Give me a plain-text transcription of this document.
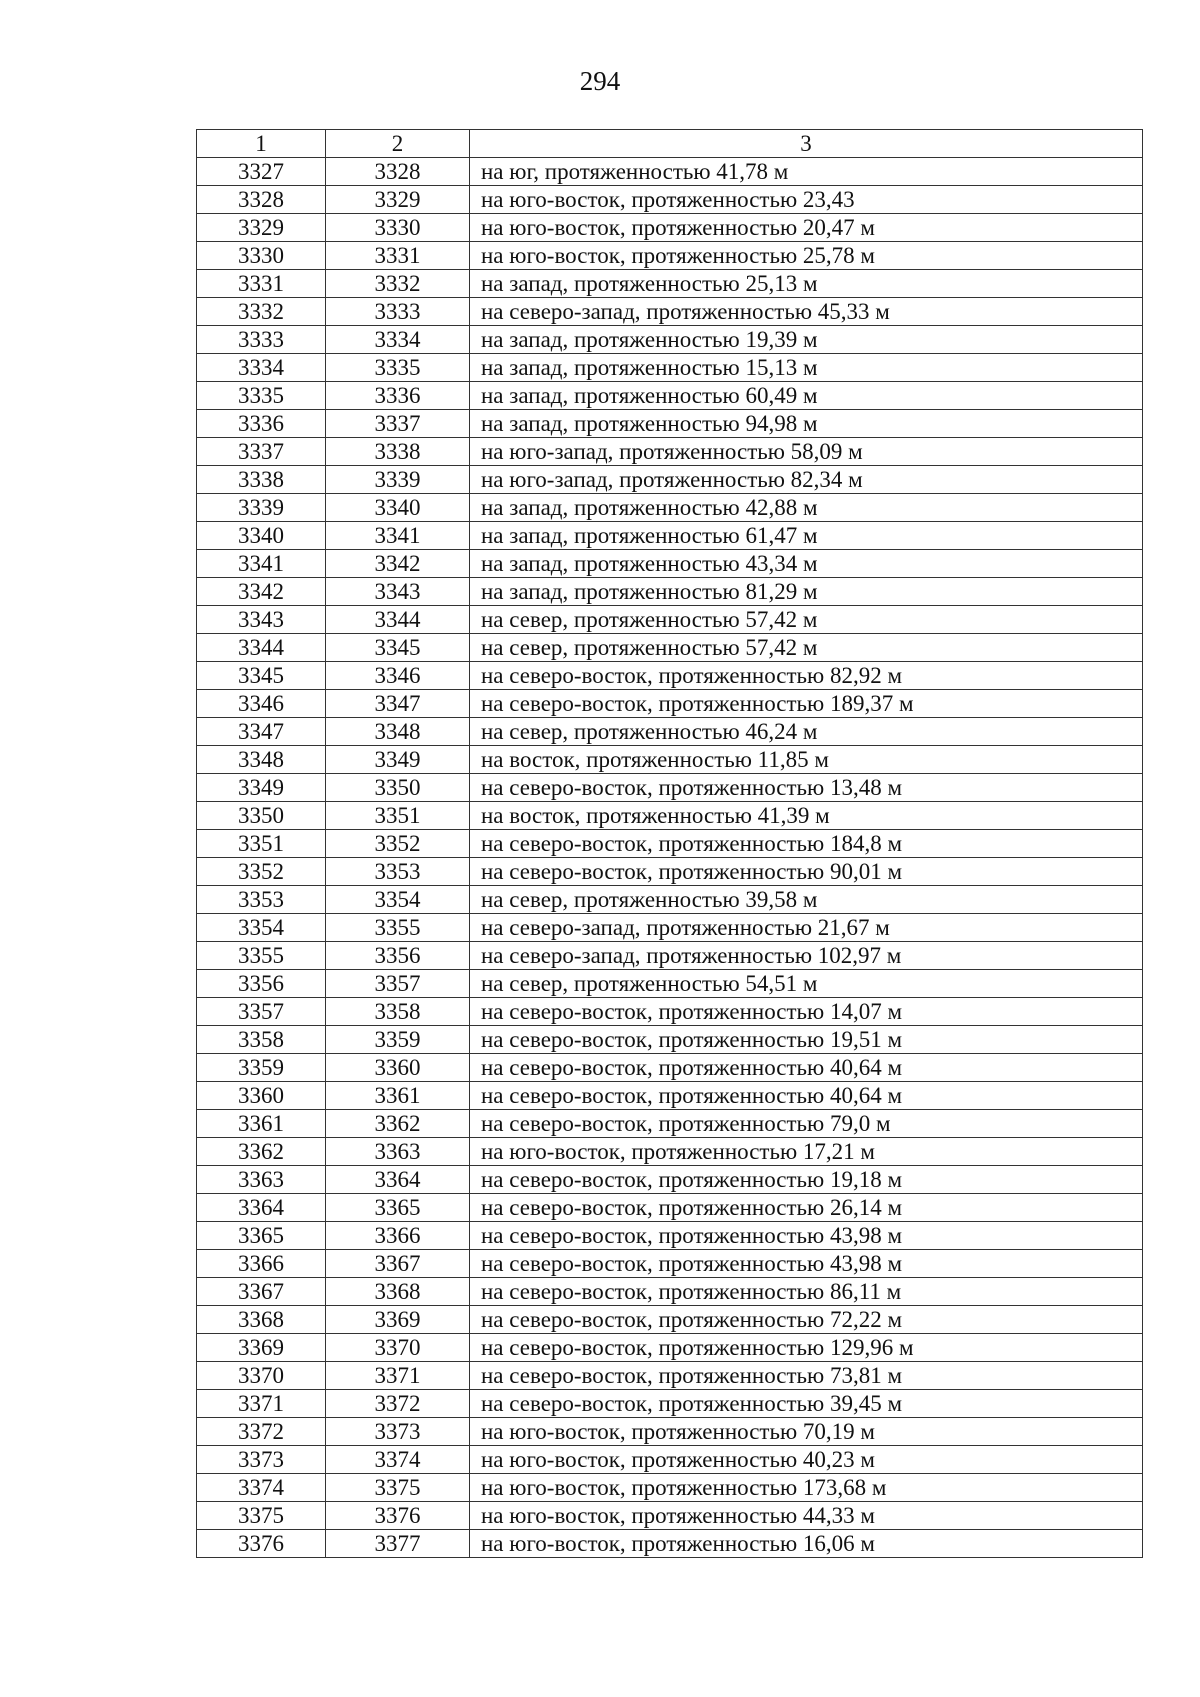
294
1	2	3
3327	3328	на юг, протяженностью 41,78 м
3328	3329	на юго-восток, протяженностью 23,43
3329	3330	на юго-восток, протяженностью 20,47 м
3330	3331	на юго-восток, протяженностью 25,78 м
3331	3332	на запад, протяженностью 25,13 м
3332	3333	на северо-запад, протяженностью 45,33 м
3333	3334	на запад, протяженностью 19,39 м
3334	3335	на запад, протяженностью 15,13 м
3335	3336	на запад, протяженностью 60,49 м
3336	3337	на запад, протяженностью 94,98 м
3337	3338	на юго-запад, протяженностью 58,09 м
3338	3339	на юго-запад, протяженностью 82,34 м
3339	3340	на запад, протяженностью 42,88 м
3340	3341	на запад, протяженностью 61,47 м
3341	3342	на запад, протяженностью 43,34 м
3342	3343	на запад, протяженностью 81,29 м
3343	3344	на север, протяженностью 57,42 м
3344	3345	на север, протяженностью 57,42 м
3345	3346	на северо-восток, протяженностью 82,92 м
3346	3347	на северо-восток, протяженностью 189,37 м
3347	3348	на север, протяженностью 46,24 м
3348	3349	на восток, протяженностью 11,85 м
3349	3350	на северо-восток, протяженностью 13,48 м
3350	3351	на восток, протяженностью 41,39 м
3351	3352	на северо-восток, протяженностью 184,8 м
3352	3353	на северо-восток, протяженностью 90,01 м
3353	3354	на север, протяженностью 39,58 м
3354	3355	на северо-запад, протяженностью 21,67 м
3355	3356	на северо-запад, протяженностью 102,97 м
3356	3357	на север, протяженностью 54,51 м
3357	3358	на северо-восток, протяженностью 14,07 м
3358	3359	на северо-восток, протяженностью 19,51 м
3359	3360	на северо-восток, протяженностью 40,64 м
3360	3361	на северо-восток, протяженностью 40,64 м
3361	3362	на северо-восток, протяженностью 79,0 м
3362	3363	на юго-восток, протяженностью 17,21 м
3363	3364	на северо-восток, протяженностью 19,18 м
3364	3365	на северо-восток, протяженностью 26,14 м
3365	3366	на северо-восток, протяженностью 43,98 м
3366	3367	на северо-восток, протяженностью 43,98 м
3367	3368	на северо-восток, протяженностью 86,11 м
3368	3369	на северо-восток, протяженностью 72,22 м
3369	3370	на северо-восток, протяженностью 129,96 м
3370	3371	на северо-восток, протяженностью 73,81 м
3371	3372	на северо-восток, протяженностью 39,45 м
3372	3373	на юго-восток, протяженностью 70,19 м
3373	3374	на юго-восток, протяженностью 40,23 м
3374	3375	на юго-восток, протяженностью 173,68 м
3375	3376	на юго-восток, протяженностью 44,33 м
3376	3377	на юго-восток, протяженностью 16,06 м
